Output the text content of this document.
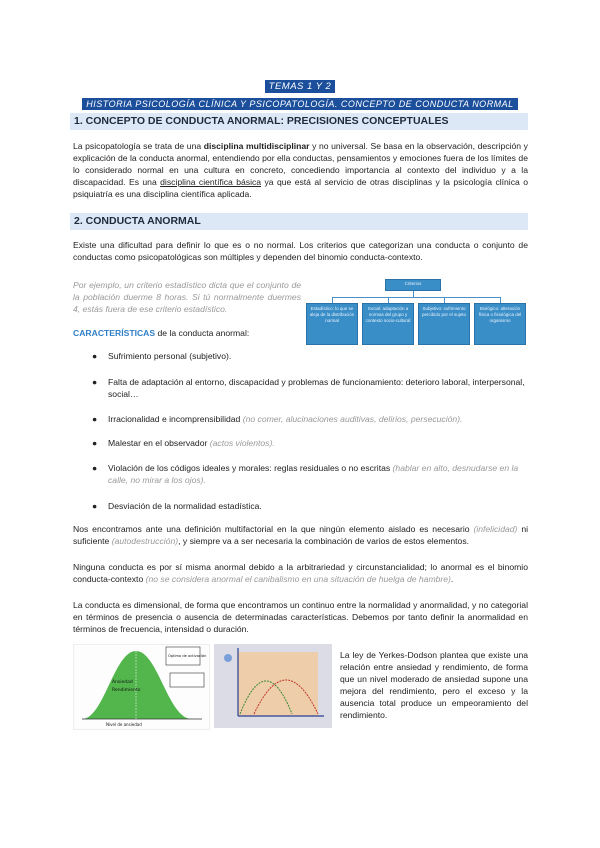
TEMAS 1 Y 2
HISTORIA PSICOLOGÍA CLÍNICA Y PSICOPATOLOGÍA. CONCEPTO DE CONDUCTA NORMAL
1. CONCEPTO DE CONDUCTA ANORMAL: PRECISIONES CONCEPTUALES
La psicopatología se trata de una disciplina multidisciplinar y no universal. Se basa en la observación, descripción y explicación de la conducta anormal, entendiendo por ella conductas, pensamientos y emociones fuera de los límites de lo considerado normal en una cultura en concreto, concediendo importancia al contexto del individuo y a la discapacidad. Es una disciplina científica básica ya que está al servicio de otras disciplinas y la psicología clínica o psiquiatría es una disciplina científica aplicada.
2. CONDUCTA ANORMAL
Existe una dificultad para definir lo que es o no normal. Los criterios que categorizan una conducta o conjunto de conductas como psicopatológicas son múltiples y dependen del binomio conducta-contexto.
Por ejemplo, un criterio estadístico dicta que el conjunto de la población duerme 8 horas. Si tú normalmente duermes 4, estás fuera de ese criterio estadístico.
CARACTERÍSTICAS de la conducta anormal:
Criterios
Estadístico: lo que se aleja de la distribución normal
Social: adaptación a normas del grupo y contexto socio-cultural
Subjetivo: sufrimiento percibido por el sujeto
Biológico: alteración física o fisiológica del organismo
● Sufrimiento personal (subjetivo).
● Falta de adaptación al entorno, discapacidad y problemas de funcionamiento: deterioro laboral, interpersonal, social…
● Irracionalidad e incomprensibilidad (no comer, alucinaciones auditivas, delirios, persecución).
● Malestar en el observador (actos violentos).
● Violación de los códigos ideales y morales: reglas residuales o no escritas (hablar en alto, desnudarse en la calle, no mirar a los ojos).
● Desviación de la normalidad estadística.
Nos encontramos ante una definición multifactorial en la que ningún elemento aislado es necesario (infelicidad) ni suficiente (autodestrucción), y siempre va a ser necesaria la combinación de varios de estos elementos.
Ninguna conducta es por sí misma anormal debido a la arbitrariedad y circunstancialidad; lo anormal es el binomio conducta-contexto (no se considera anormal el canibalismo en una situación de huelga de hambre).
La conducta es dimensional, de forma que encontramos un continuo entre la normalidad y anormalidad, y no categorial en términos de presencia o ausencia de determinadas características. Debemos por tanto definir la anormalidad en términos de frecuencia, intensidad o duración.
Ansiedad
Rendimiento
Óptimo de activación
Nivel de ansiedad
La ley de Yerkes-Dodson plantea que existe una relación entre ansiedad y rendimiento, de forma que un nivel moderado de ansiedad supone una mejora del rendimiento, pero el exceso y la ausencia total produce un empeoramiento del rendimiento.
